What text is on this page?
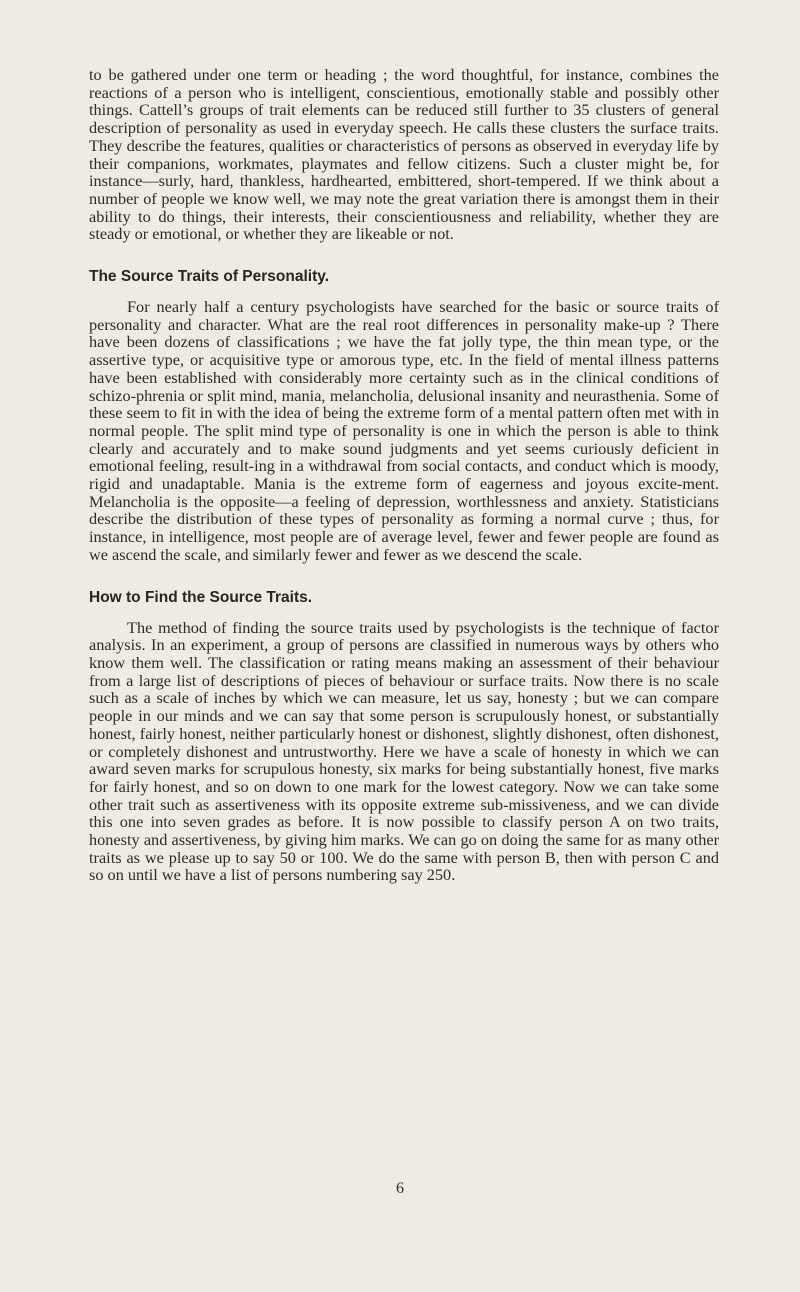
to be gathered under one term or heading ; the word thoughtful, for instance, combines the reactions of a person who is intelligent, conscientious, emotionally stable and possibly other things. Cattell’s groups of trait elements can be reduced still further to 35 clusters of general description of personality as used in everyday speech. He calls these clusters the surface traits. They describe the features, qualities or characteristics of persons as observed in everyday life by their companions, workmates, playmates and fellow citizens. Such a cluster might be, for instance—surly, hard, thankless, hardhearted, embittered, short-tempered. If we think about a number of people we know well, we may note the great variation there is amongst them in their ability to do things, their interests, their conscientiousness and reliability, whether they are steady or emotional, or whether they are likeable or not.

The Source Traits of Personality.

For nearly half a century psychologists have searched for the basic or source traits of personality and character. What are the real root differences in personality make-up ? There have been dozens of classifications ; we have the fat jolly type, the thin mean type, or the assertive type, or acquisitive type or amorous type, etc. In the field of mental illness patterns have been established with considerably more certainty such as in the clinical conditions of schizo-phrenia or split mind, mania, melancholia, delusional insanity and neurasthenia. Some of these seem to fit in with the idea of being the extreme form of a mental pattern often met with in normal people. The split mind type of personality is one in which the person is able to think clearly and accurately and to make sound judgments and yet seems curiously deficient in emotional feeling, result-ing in a withdrawal from social contacts, and conduct which is moody, rigid and unadaptable. Mania is the extreme form of eagerness and joyous excite-ment. Melancholia is the opposite—a feeling of depression, worthlessness and anxiety. Statisticians describe the distribution of these types of personality as forming a normal curve ; thus, for instance, in intelligence, most people are of average level, fewer and fewer people are found as we ascend the scale, and similarly fewer and fewer as we descend the scale.

How to Find the Source Traits.

The method of finding the source traits used by psychologists is the technique of factor analysis. In an experiment, a group of persons are classified in numerous ways by others who know them well. The classification or rating means making an assessment of their behaviour from a large list of descriptions of pieces of behaviour or surface traits. Now there is no scale such as a scale of inches by which we can measure, let us say, honesty ; but we can compare people in our minds and we can say that some person is scrupulously honest, or substantially honest, fairly honest, neither particularly honest or dishonest, slightly dishonest, often dishonest, or completely dishonest and untrustworthy. Here we have a scale of honesty in which we can award seven marks for scrupulous honesty, six marks for being substantially honest, five marks for fairly honest, and so on down to one mark for the lowest category. Now we can take some other trait such as assertiveness with its opposite extreme sub-missiveness, and we can divide this one into seven grades as before. It is now possible to classify person A on two traits, honesty and assertiveness, by giving him marks. We can go on doing the same for as many other traits as we please up to say 50 or 100. We do the same with person B, then with person C and so on until we have a list of persons numbering say 250.

6
